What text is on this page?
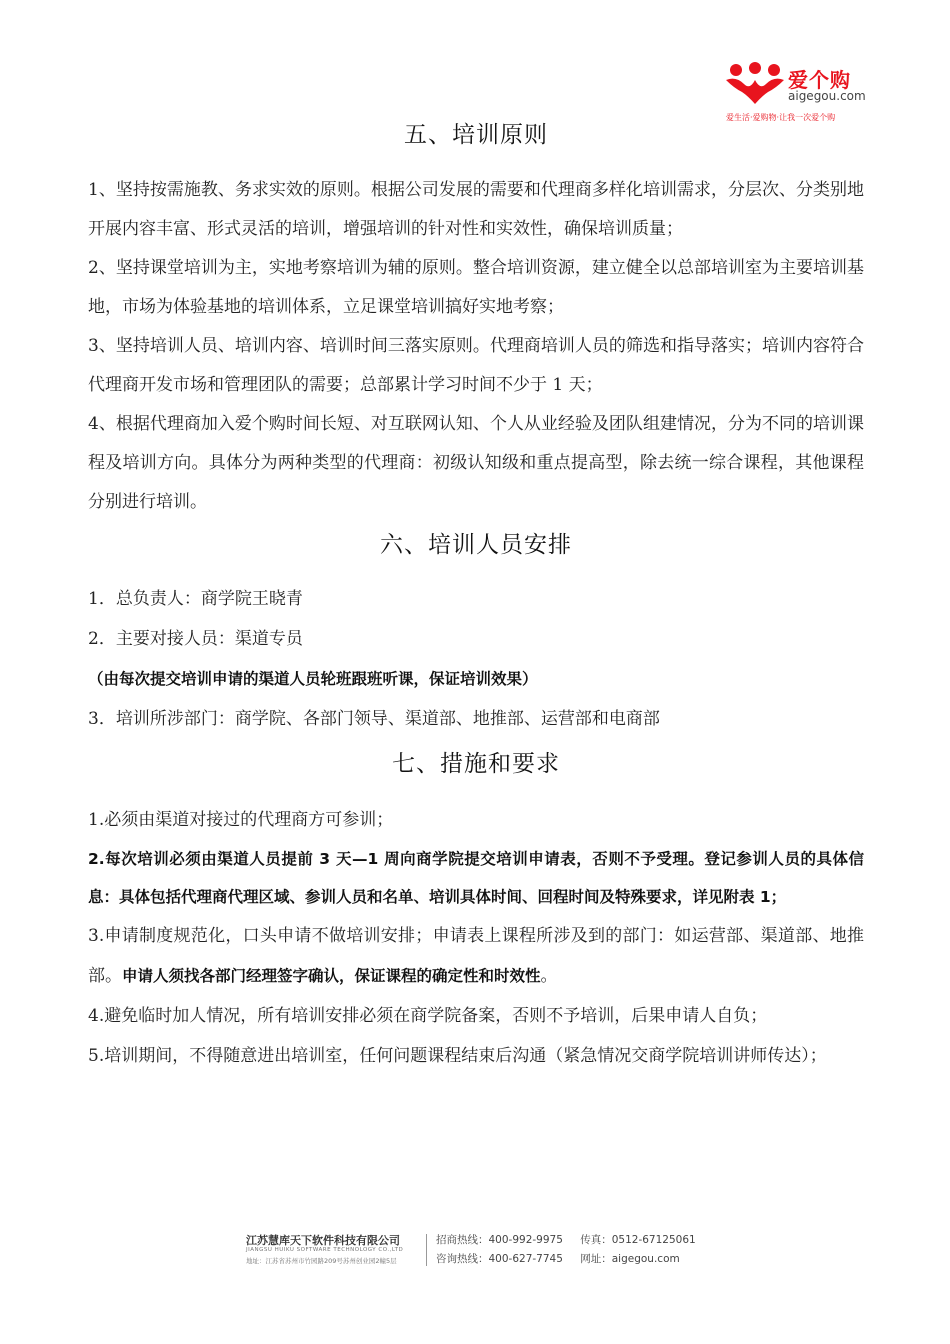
爱个购
aigegou.com
爱生活·爱购物·让我一次爱个购
五、培训原则

1、坚持按需施教、务求实效的原则。根据公司发展的需要和代理商多样化培训需求，分层次、分类别地开展内容丰富、形式灵活的培训，增强培训的针对性和实效性，确保培训质量；

2、坚持课堂培训为主，实地考察培训为辅的原则。整合培训资源，建立健全以总部培训室为主要培训基地，市场为体验基地的培训体系，立足课堂培训搞好实地考察；

3、坚持培训人员、培训内容、培训时间三落实原则。代理商培训人员的筛选和指导落实；培训内容符合代理商开发市场和管理团队的需要；总部累计学习时间不少于 1 天；

4、根据代理商加入爱个购时间长短、对互联网认知、个人从业经验及团队组建情况，分为不同的培训课程及培训方向。具体分为两种类型的代理商：初级认知级和重点提高型，除去统一综合课程，其他课程分别进行培训。

六、培训人员安排

1．总负责人：商学院王晓青

2．主要对接人员：渠道专员

（由每次提交培训申请的渠道人员轮班跟班听课，保证培训效果）

3．培训所涉部门：商学院、各部门领导、渠道部、地推部、运营部和电商部

七、措施和要求

1.必须由渠道对接过的代理商方可参训；

2.每次培训必须由渠道人员提前 3 天—1 周向商学院提交培训申请表，否则不予受理。登记参训人员的具体信息：具体包括代理商代理区域、参训人员和名单、培训具体时间、回程时间及特殊要求，详见附表 1；

3.申请制度规范化，口头申请不做培训安排；申请表上课程所涉及到的部门：如运营部、渠道部、地推部。申请人须找各部门经理签字确认，保证课程的确定性和时效性。

4.避免临时加人情况，所有培训安排必须在商学院备案，否则不予培训，后果申请人自负；

5.培训期间，不得随意进出培训室，任何问题课程结束后沟通（紧急情况交商学院培训讲师传达）；

江苏慧库天下软件科技有限公司
JIANGSU HUIKU SOFTWARE TECHNOLOGY CO.,LTD
地址：江苏省苏州市竹园路209号苏州创业园2幢5层
招商热线：400-992-9975 传真：0512-67125061
咨询热线：400-627-7745 网址：aigegou.com
